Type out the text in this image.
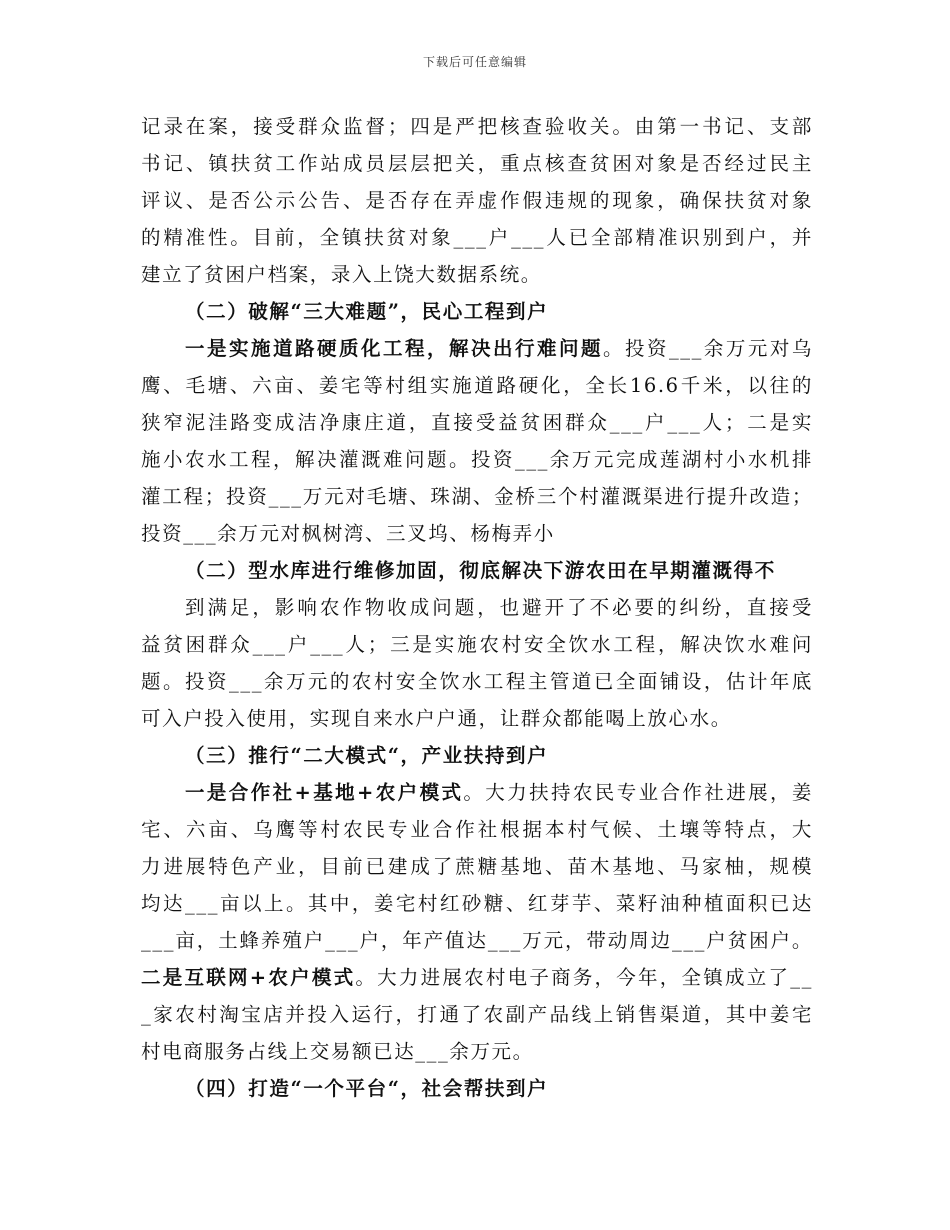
下载后可任意编辑
记录在案，接受群众监督；四是严把核查验收关。由第一书记、支部
书记、镇扶贫工作站成员层层把关，重点核查贫困对象是否经过民主
评议、是否公示公告、是否存在弄虚作假违规的现象，确保扶贫对象
的精准性。目前，全镇扶贫对象___户___人已全部精准识别到户，并
建立了贫困户档案，录入上饶大数据系统。
（二）破解“三大难题”，民心工程到户
一是实施道路硬质化工程，解决出行难问题。投资___余万元对乌
鹰、毛塘、六亩、姜宅等村组实施道路硬化，全长16.6千米，以往的
狭窄泥洼路变成洁净康庄道，直接受益贫困群众___户___人；二是实
施小农水工程，解决灌溉难问题。投资___余万元完成莲湖村小水机排
灌工程；投资___万元对毛塘、珠湖、金桥三个村灌溉渠进行提升改造；
投资___余万元对枫树湾、三叉坞、杨梅弄小
（二）型水库进行维修加固，彻底解决下游农田在早期灌溉得不
到满足，影响农作物收成问题，也避开了不必要的纠纷，直接受
益贫困群众___户___人；三是实施农村安全饮水工程，解决饮水难问
题。投资___余万元的农村安全饮水工程主管道已全面铺设，估计年底
可入户投入使用，实现自来水户户通，让群众都能喝上放心水。
（三）推行“二大模式“，产业扶持到户
一是合作社+基地+农户模式。大力扶持农民专业合作社进展，姜
宅、六亩、乌鹰等村农民专业合作社根据本村气候、土壤等特点，大
力进展特色产业，目前已建成了蔗糖基地、苗木基地、马家柚，规模
均达___亩以上。其中，姜宅村红砂糖、红芽芋、菜籽油种植面积已达
___亩，土蜂养殖户___户，年产值达___万元，带动周边___户贫困户。
二是互联网+农户模式。大力进展农村电子商务，今年，全镇成立了__
_家农村淘宝店并投入运行，打通了农副产品线上销售渠道，其中姜宅
村电商服务占线上交易额已达___余万元。
（四）打造“一个平台“，社会帮扶到户
